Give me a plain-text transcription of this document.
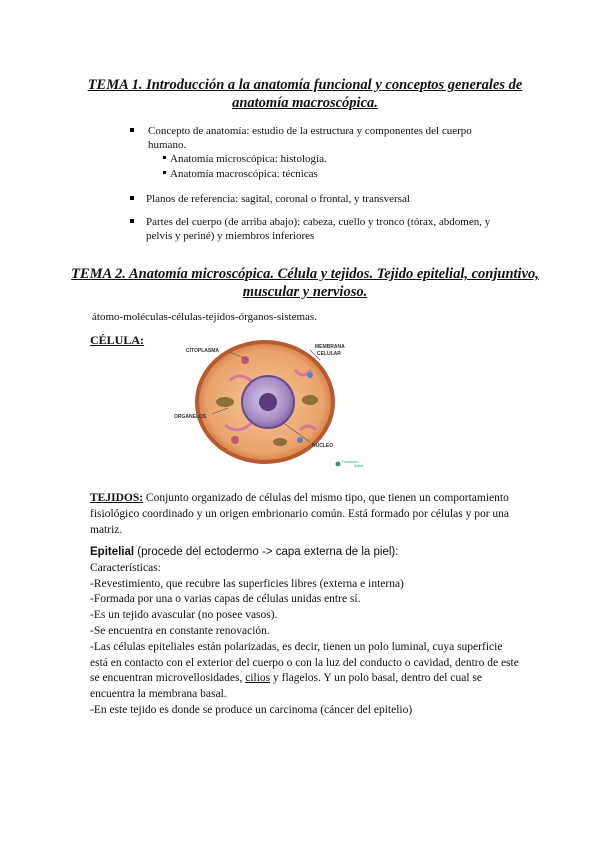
TEMA 1. Introducción a la anatomía funcional y conceptos generales de
anatomía macroscópica.
Concepto de anatomía: estudio de la estructura y componentes del cuerpo
humano.
Anatomía microscópica: histología.
Anatomía macroscópica: técnicas
Planos de referencia: sagital, coronal o frontal, y transversal
Partes del cuerpo (de arriba abajo): cabeza, cuello y tronco (tórax, abdomen, y
pelvis y periné) y miembros inferiores
TEMA 2. Anatomía microscópica. Célula y tejidos. Tejido epitelial, conjuntivo,
muscular y nervioso.
átomo-moléculas-células-tejidos-órganos-sistemas.
CÉLULA:
CITOPLASMA
MEMBRANA
CELULAR
ORGANELOS
NÚCLEO
Formación
Salud
TEJIDOS: Conjunto organizado de células del mismo tipo, que tienen un comportamiento
fisiológico coordinado y un origen embrionario común. Está formado por células y por una
matriz.
Epitelial (procede del ectodermo -> capa externa de la piel):
Características:
-Revestimiento, que recubre las superficies libres (externa e interna)
-Formada por una o varias capas de células unidas entre sí.
-Es un tejido avascular (no posee vasos).
-Se encuentra en constante renovación.
-Las células epiteliales están polarizadas, es decir, tienen un polo luminal, cuya superficie
está en contacto con el exterior del cuerpo o con la luz del conducto o cavidad, dentro de este
se encuentran microvellosidades, cilios y flagelos. Y un polo basal, dentro del cual se
encuentra la membrana basal.
-En este tejido es donde se produce un carcinoma (cáncer del epitelio)
